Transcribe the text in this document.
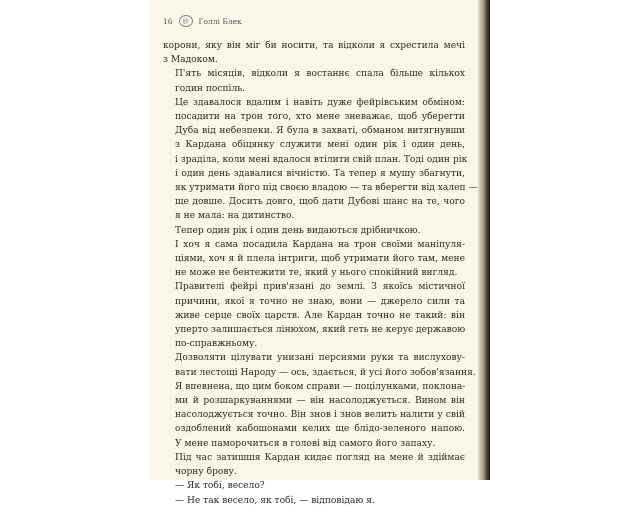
16	@	Голлі Блек

корони, яку він міг би носити, та відколи я схрестила мечі
з Мадоком.

П'ять місяців, відколи я востаннє спала більше кількох
годин поспіль.

Це здавалося вдалим і навіть дуже фейрівським обміном:
посадити на трон того, хто мене зневажає, щоб уберегти
Дуба від небезпеки. Я була в захваті, обманом витягнувши
з Кардана обіцянку служити мені один рік і один день,
і зраділа, коли мені вдалося втілити свій план. Тоді один рік
і один день здавалися вічністю. Та тепер я мушу збагнути,
як утримати його під своєю владою — та вберегти від халеп —
ще довше. Досить довго, щоб дати Дубові шанс на те, чого
я не мала: на дитинство.

Тепер один рік і один день видаються дрібничкою.

І хоч я сама посадила Кардана на трон своїми маніпуля-
ціями, хоч я й плела інтриги, щоб утримати його там, мене
не може не бентежити те, який у нього спокійний вигляд.

Правителі фейрі прив'язані до землі. З якоїсь містичної
причини, якої я точно не знаю, вони — джерело сили та
живе серце своїх царств. Але Кардан точно не такий: він
уперто залишається лінюхом, який геть не керує державою
по-справжньому.

Дозволяти цілувати унизані перснями руки та вислухову-
вати лестощі Народу — ось, здається, й усі його зобов'язання.
Я впевнена, що цим боком справи — поцілунками, поклона-
ми й розшаркуваннями — він насолоджується. Вином він
насолоджується точно. Він знов і знов велить налити у свій
оздоблений кабошонами келих ще блідо-зеленого напою.
У мене паморочиться в голові від самого його запаху.

Під час затишшя Кардан кидає погляд на мене й здіймає
чорну брову.

— Як тобі, весело?

— Не так весело, як тобі, — відповідаю я.
